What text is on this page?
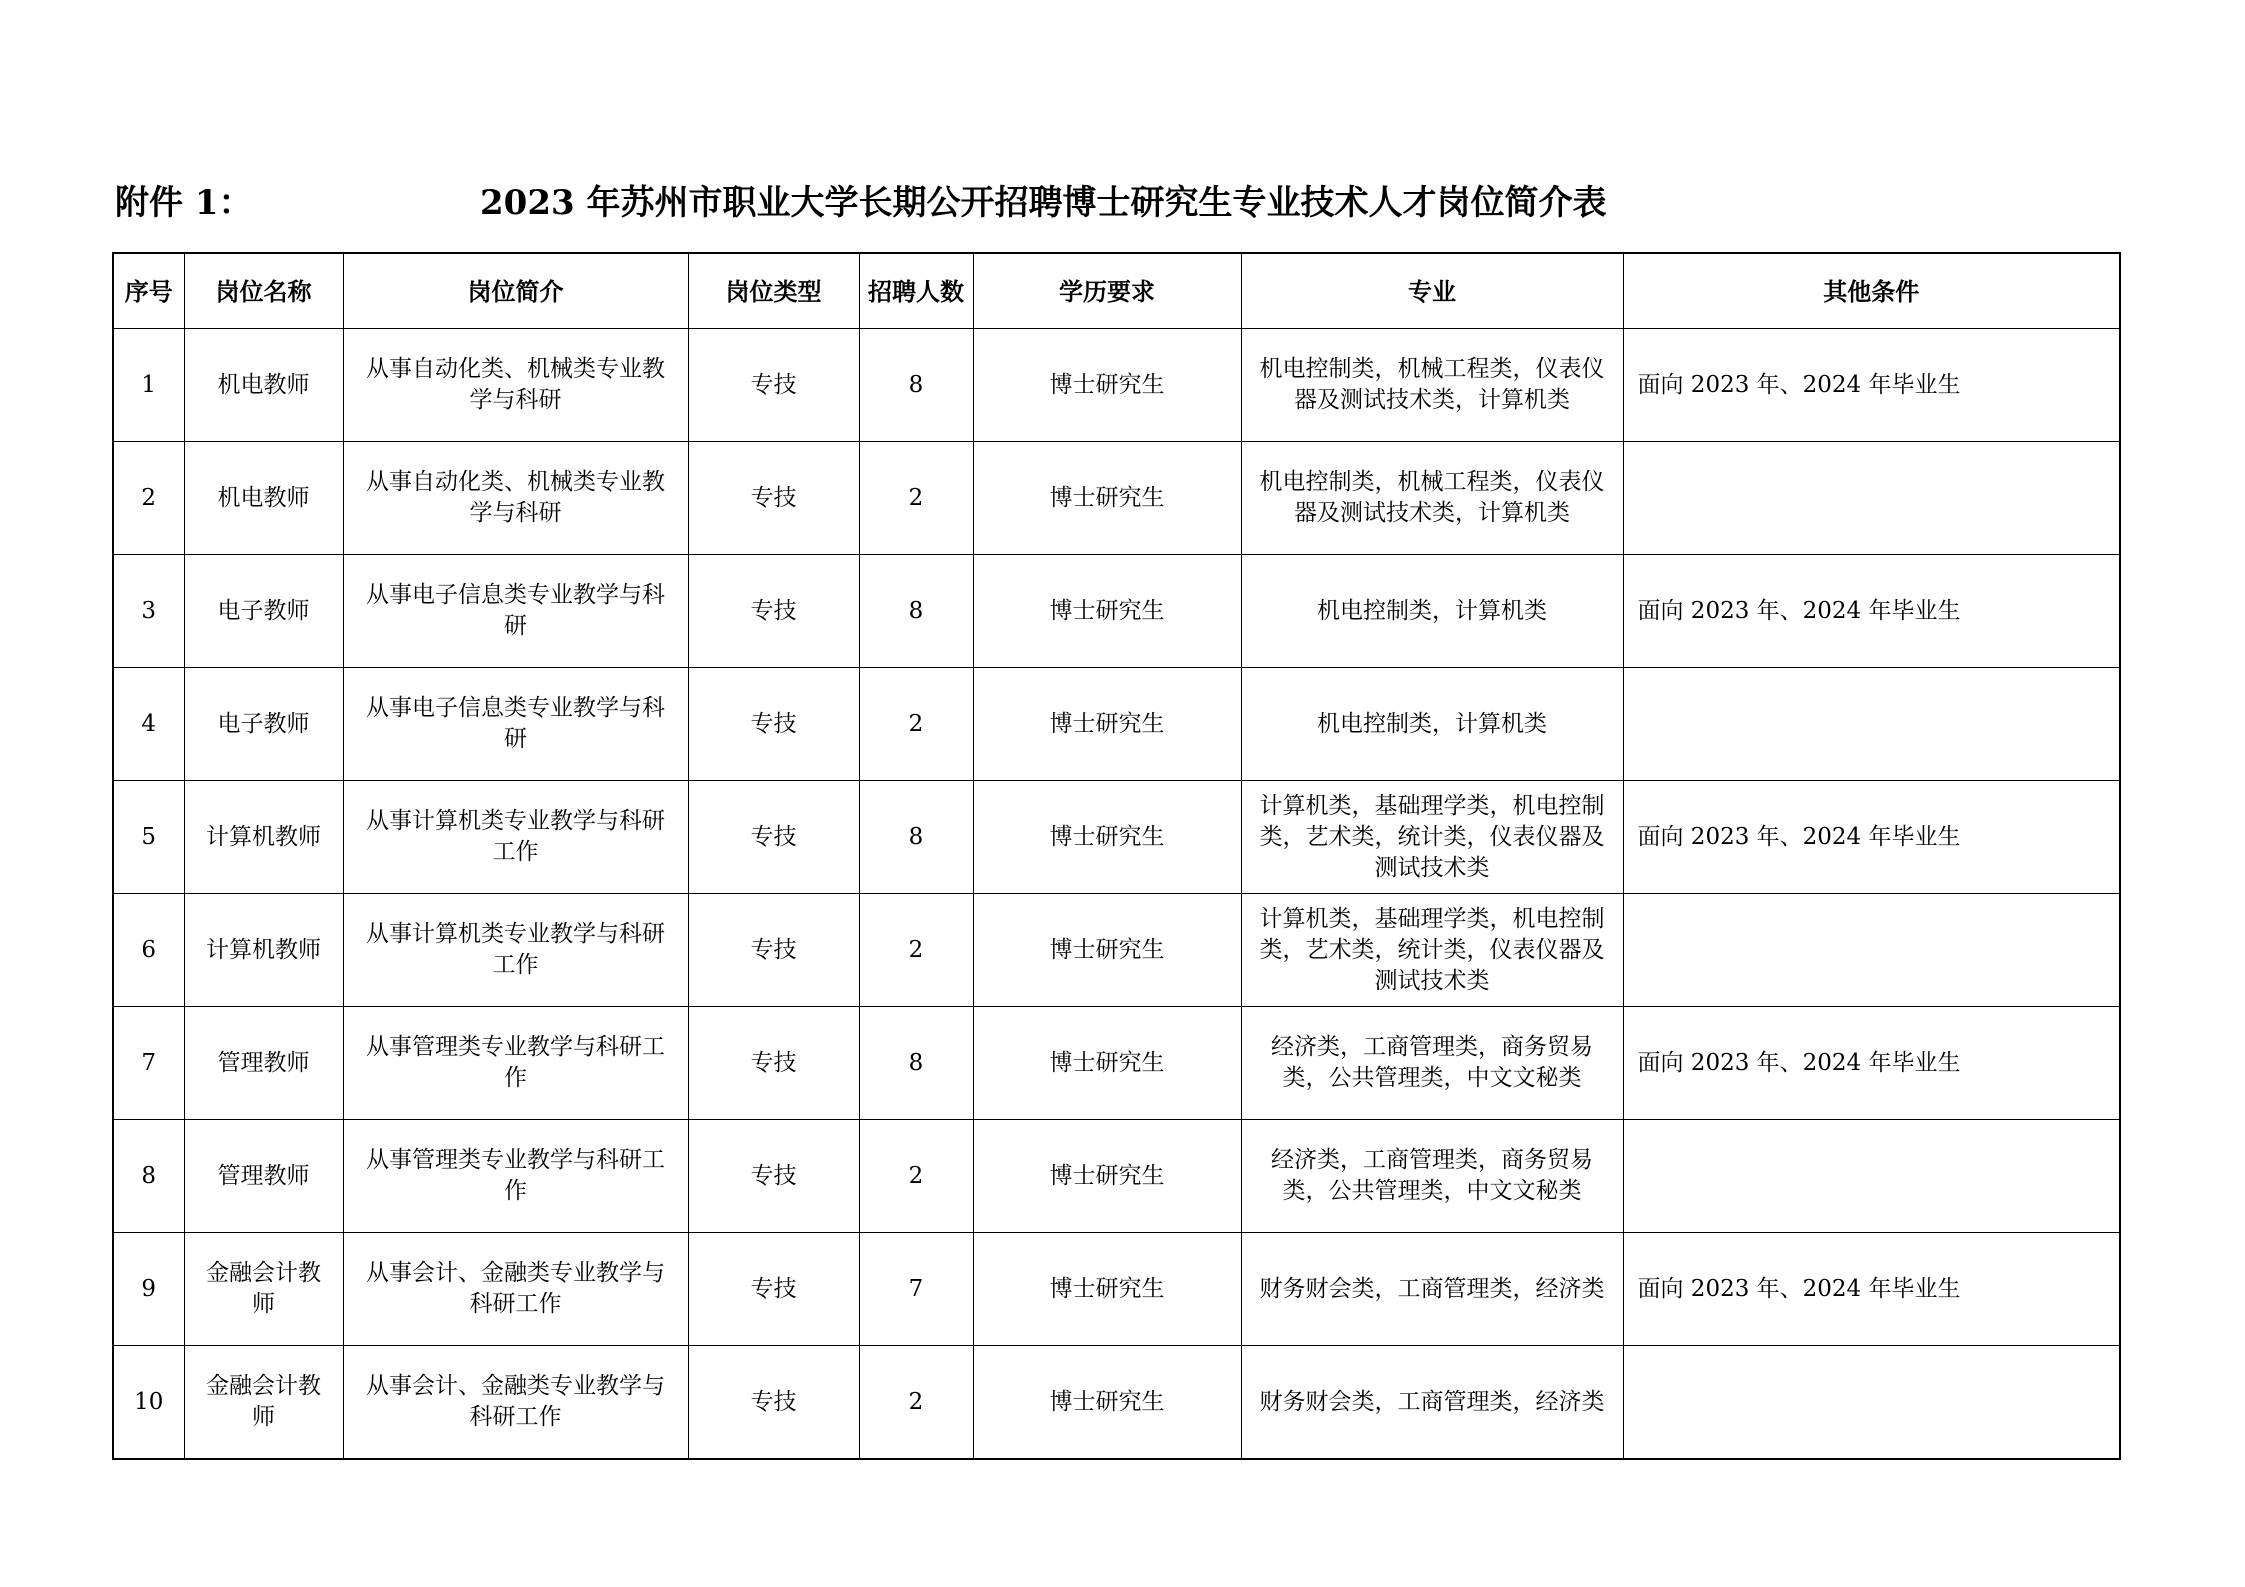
附件 1：	2023 年苏州市职业大学长期公开招聘博士研究生专业技术人才岗位简介表
序号	岗位名称	岗位简介	岗位类型	招聘人数	学历要求	专业	其他条件
1	机电教师	从事自动化类、机械类专业教学与科研	专技	8	博士研究生	机电控制类，机械工程类，仪表仪器及测试技术类，计算机类	面向 2023 年、2024 年毕业生
2	机电教师	从事自动化类、机械类专业教学与科研	专技	2	博士研究生	机电控制类，机械工程类，仪表仪器及测试技术类，计算机类	
3	电子教师	从事电子信息类专业教学与科研	专技	8	博士研究生	机电控制类，计算机类	面向 2023 年、2024 年毕业生
4	电子教师	从事电子信息类专业教学与科研	专技	2	博士研究生	机电控制类，计算机类	
5	计算机教师	从事计算机类专业教学与科研工作	专技	8	博士研究生	计算机类，基础理学类，机电控制类，艺术类，统计类，仪表仪器及测试技术类	面向 2023 年、2024 年毕业生
6	计算机教师	从事计算机类专业教学与科研工作	专技	2	博士研究生	计算机类，基础理学类，机电控制类，艺术类，统计类，仪表仪器及测试技术类	
7	管理教师	从事管理类专业教学与科研工作	专技	8	博士研究生	经济类，工商管理类，商务贸易类，公共管理类，中文文秘类	面向 2023 年、2024 年毕业生
8	管理教师	从事管理类专业教学与科研工作	专技	2	博士研究生	经济类，工商管理类，商务贸易类，公共管理类，中文文秘类	
9	金融会计教师	从事会计、金融类专业教学与科研工作	专技	7	博士研究生	财务财会类，工商管理类，经济类	面向 2023 年、2024 年毕业生
10	金融会计教师	从事会计、金融类专业教学与科研工作	专技	2	博士研究生	财务财会类，工商管理类，经济类	
